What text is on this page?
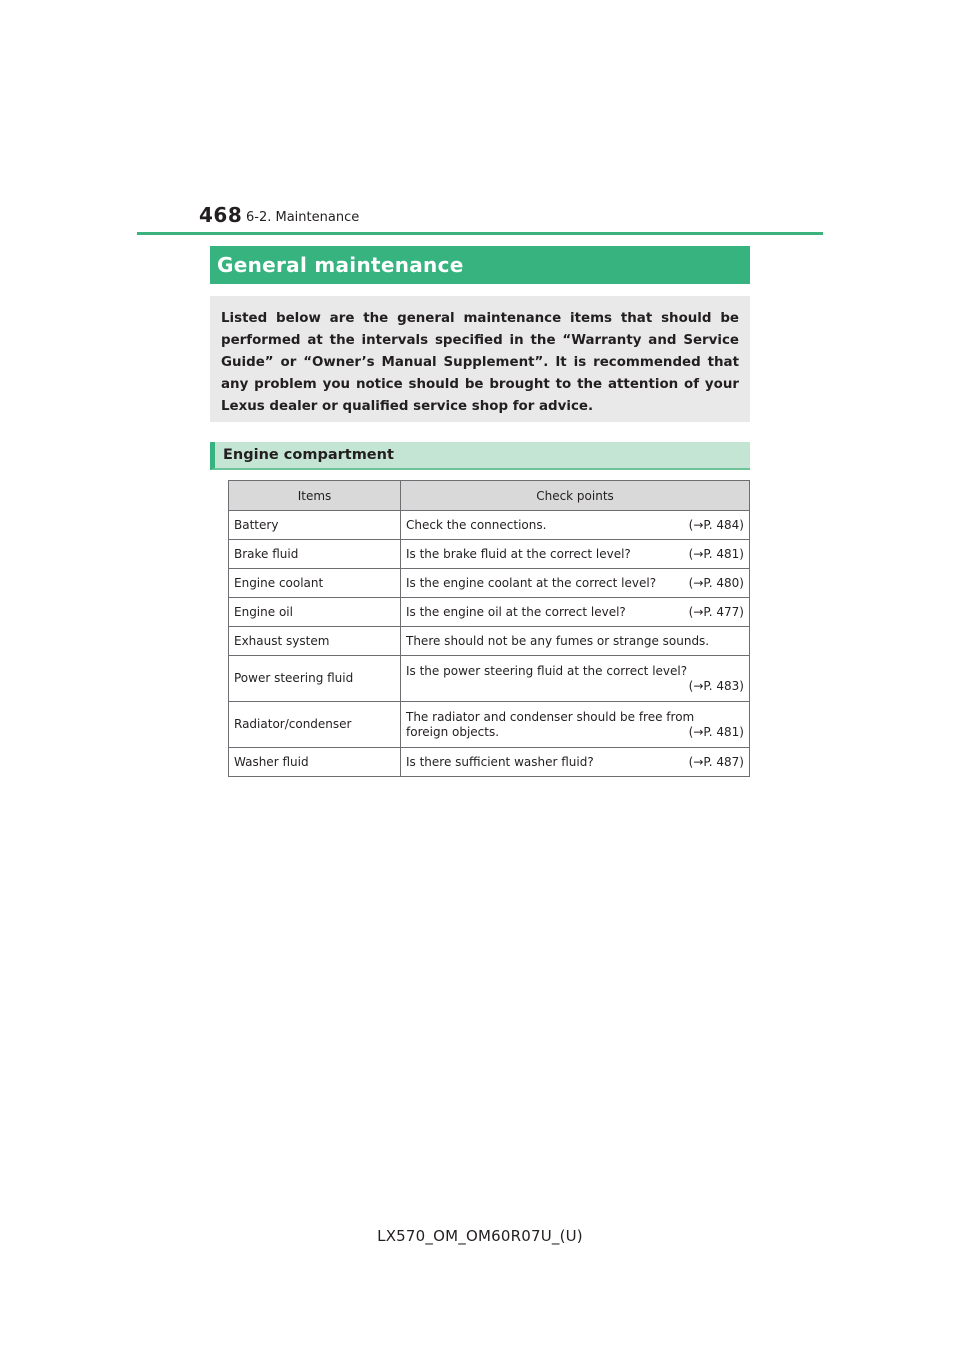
468 6-2. Maintenance
General maintenance

Listed below are the general maintenance items that should be performed at the intervals specified in the “Warranty and Service Guide” or “Owner’s Manual Supplement”. It is recommended that any problem you notice should be brought to the attention of your Lexus dealer or qualified service shop for advice.

Engine compartment
Items	Check points
Battery	Check the connections. (→P. 484)

Brake fluid	Is the brake fluid at the correct level? (→P. 481)

Engine coolant	Is the engine coolant at the correct level? (→P. 480)

Engine oil	Is the engine oil at the correct level? (→P. 477)

Exhaust system	There should not be any fumes or strange sounds.
Power steering fluid	Is the power steering fluid at the correct level?
(→P. 483)

Radiator/condenser	The radiator and condenser should be free from
foreign objects. (→P. 481)

Washer fluid	Is there sufficient washer fluid? (→P. 487)
LX570_OM_OM60R07U_(U)
